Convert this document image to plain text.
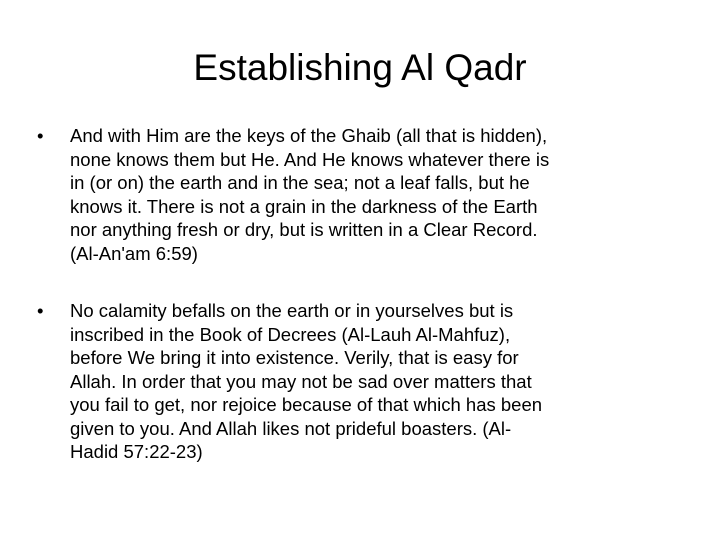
Establishing Al Qadr
•	And with Him are the keys of the Ghaib (all that is hidden),
none knows them but He. And He knows whatever there is
in (or on) the earth and in the sea; not a leaf falls, but he
knows it. There is not a grain in the darkness of the Earth
nor anything fresh or dry, but is written in a Clear Record.
(Al-An'am 6:59)
•	No calamity befalls on the earth or in yourselves but is
inscribed in the Book of Decrees (Al-Lauh Al-Mahfuz),
before We bring it into existence. Verily, that is easy for
Allah. In order that you may not be sad over matters that
you fail to get, nor rejoice because of that which has been
given to you. And Allah likes not prideful boasters. (Al-
Hadid 57:22-23)
